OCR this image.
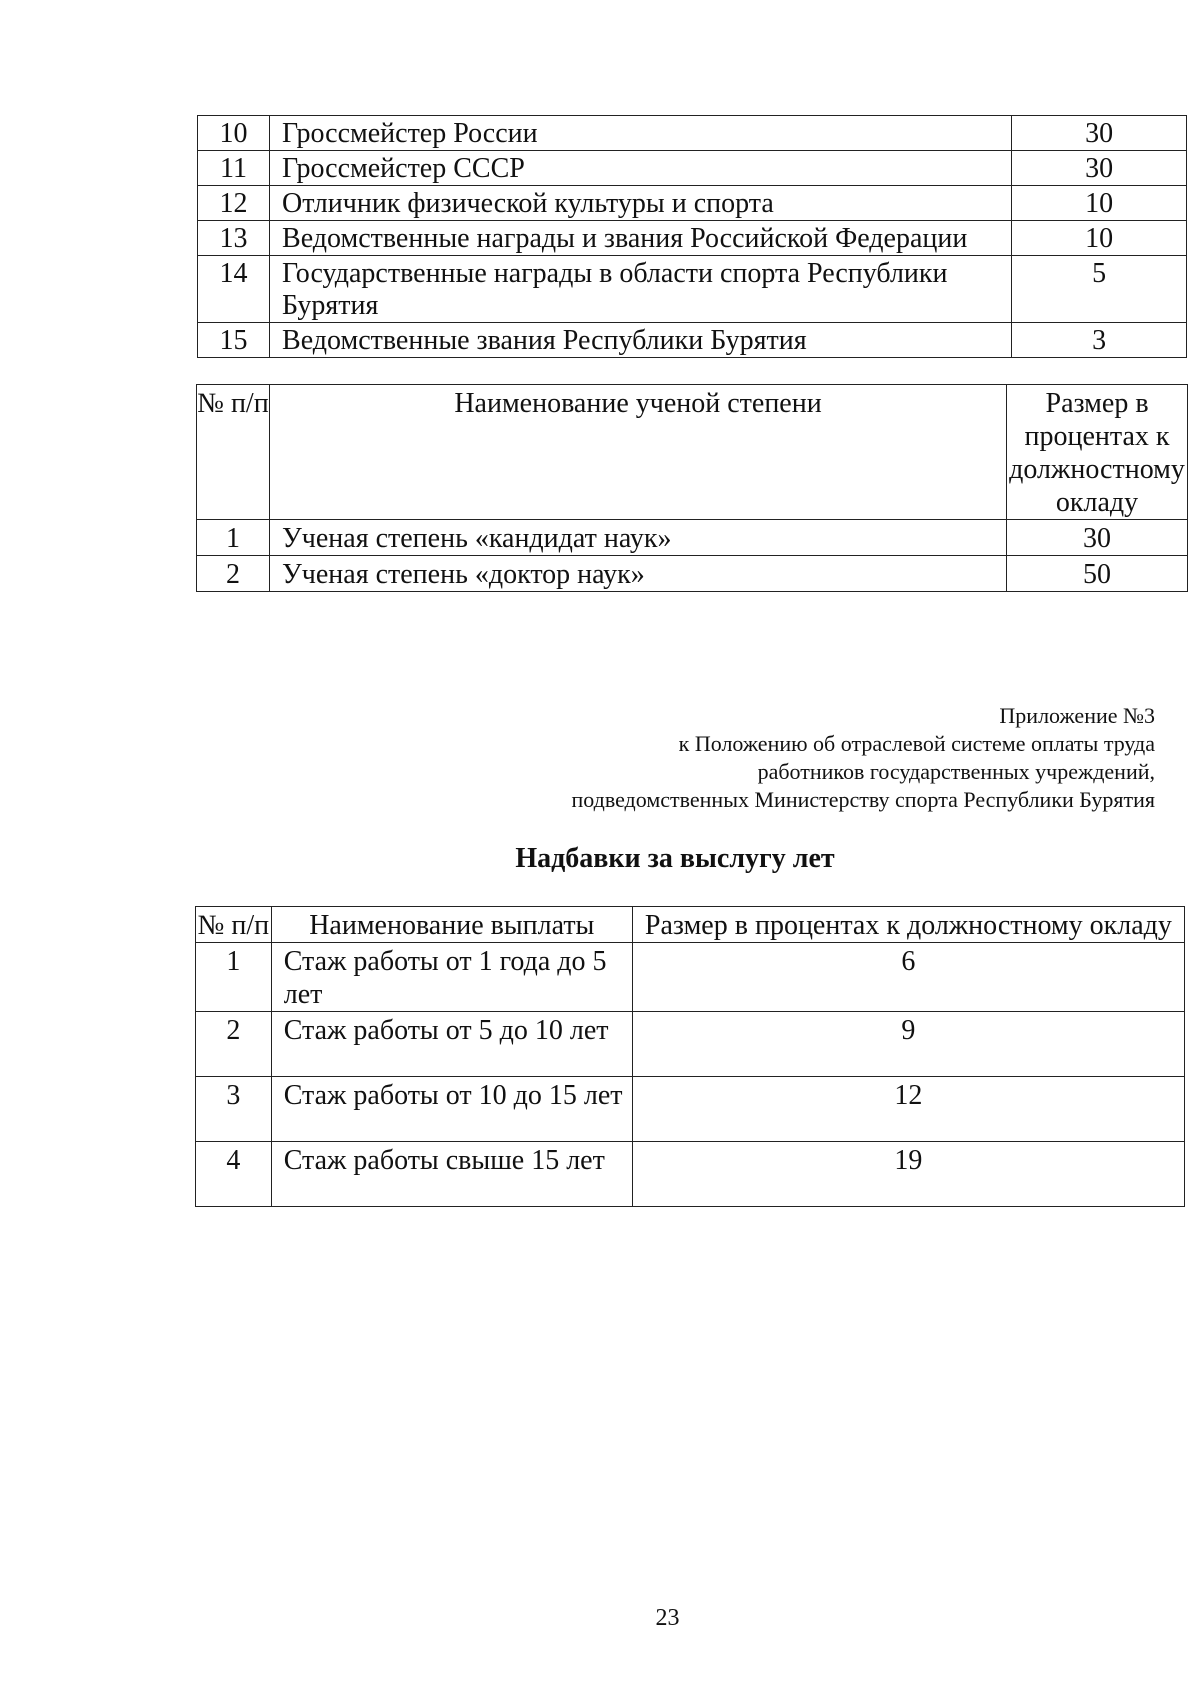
10	Гроссмейстер России	30
11	Гроссмейстер СССР	30
12	Отличник физической культуры и спорта	10
13	Ведомственные награды и звания Российской Федерации	10
14	Государственные награды в области спорта Республики Бурятия	5
15	Ведомственные звания Республики Бурятия	3
№ п/п	Наименование ученой степени	Размер в процентах к должностному окладу
1	Ученая степень «кандидат наук»	30
2	Ученая степень «доктор наук»	50
Приложение №3
к Положению об отраслевой системе оплаты труда
работников государственных учреждений,
подведомственных Министерству спорта Республики Бурятия
Надбавки за выслугу лет
№ п/п	Наименование выплаты	Размер в процентах к должностному окладу
1	Стаж работы от 1 года до 5 лет	6
2	Стаж работы от 5 до 10 лет	9
3	Стаж работы от 10 до 15 лет	12
4	Стаж работы свыше 15 лет	19
23
